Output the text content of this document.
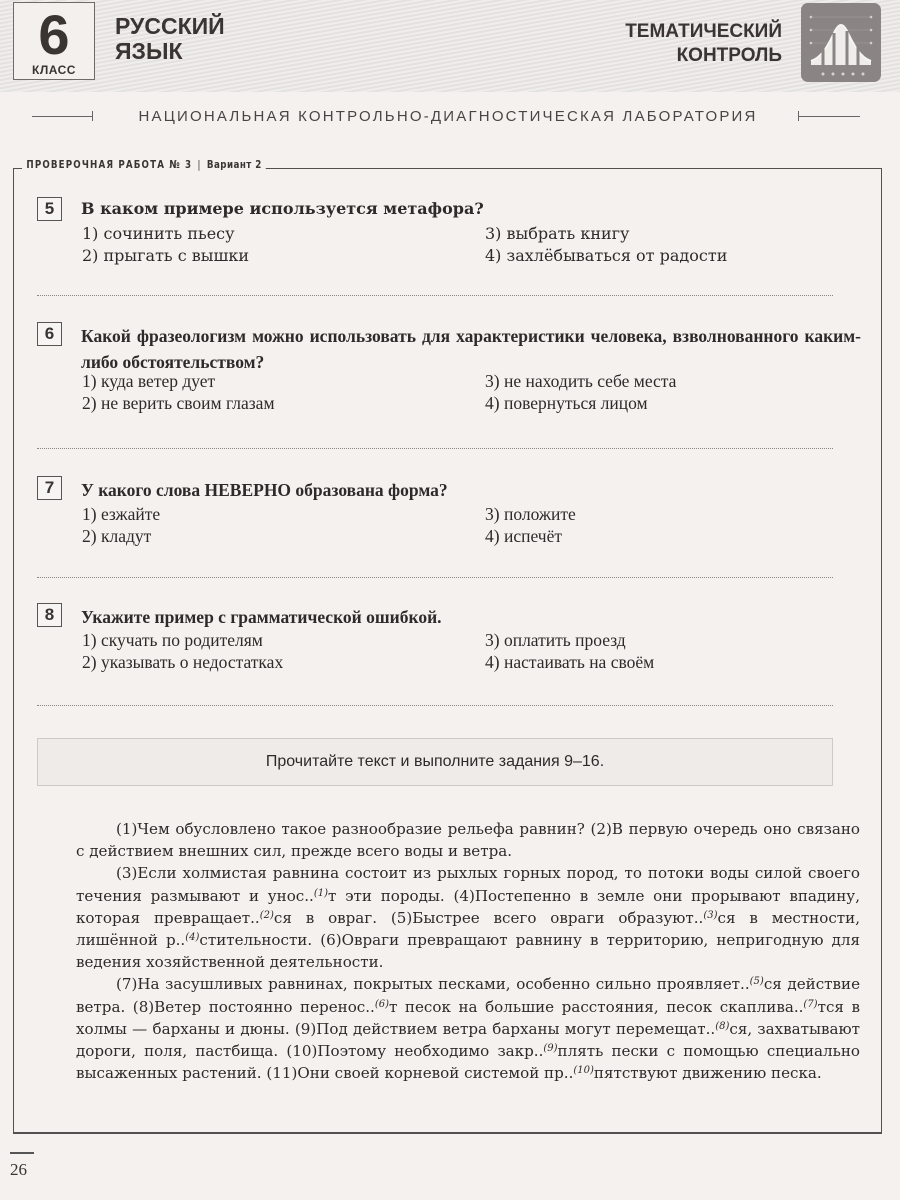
6
КЛАСС
РУССКИЙ
ЯЗЫК
ТЕМАТИЧЕСКИЙ
КОНТРОЛЬ
НАЦИОНАЛЬНАЯ КОНТРОЛЬНО-ДИАГНОСТИЧЕСКАЯ ЛАБОРАТОРИЯ
ПРОВЕРОЧНАЯ РАБОТА № 3 | Вариант 2
5	В каком примере используется метафора?
1) сочинить пьесу
2) прыгать с вышки
3) выбрать книгу
4) захлёбываться от радости
6	Какой фразеологизм можно использовать для характеристики человека, взволнованного каким-либо обстоятельством?
1) куда ветер дует
2) не верить своим глазам
3) не находить себе места
4) повернуться лицом
7	У какого слова НЕВЕРНО образована форма?
1) езжайте
2) кладут
3) положите
4) испечёт
8	Укажите пример с грамматической ошибкой.
1) скучать по родителям
2) указывать о недостатках
3) оплатить проезд
4) настаивать на своём
Прочитайте текст и выполните задания 9–16.

(1)Чем обусловлено такое разнообразие рельефа равнин? (2)В первую очередь оно связано с действием внешних сил, прежде всего воды и ветра.

(3)Если холмистая равнина состоит из рыхлых горных пород, то потоки воды силой своего течения размывают и унос..$^{(1)}$т эти породы. (4)Постепенно в земле они прорывают впадину, которая превращает..$^{(2)}$ся в овраг. (5)Быстрее всего овраги образуют..$^{(3)}$ся в местности, лишённой р..$^{(4)}$стительности. (6)Овраги превращают равнину в территорию, непригодную для ведения хозяйственной деятельности.

(7)На засушливых равнинах, покрытых песками, особенно сильно проявляет..$^{(5)}$ся действие ветра. (8)Ветер постоянно перенос..$^{(6)}$т песок на большие расстояния, песок скаплива..$^{(7)}$тся в холмы — барханы и дюны. (9)Под действием ветра барханы могут перемещат..$^{(8)}$ся, захватывают дороги, поля, пастбища. (10)Поэтому необходимо закр..$^{(9)}$плять пески с помощью специально высаженных растений. (11)Они своей корневой системой пр..$^{(10)}$пятствуют движению песка.

26
